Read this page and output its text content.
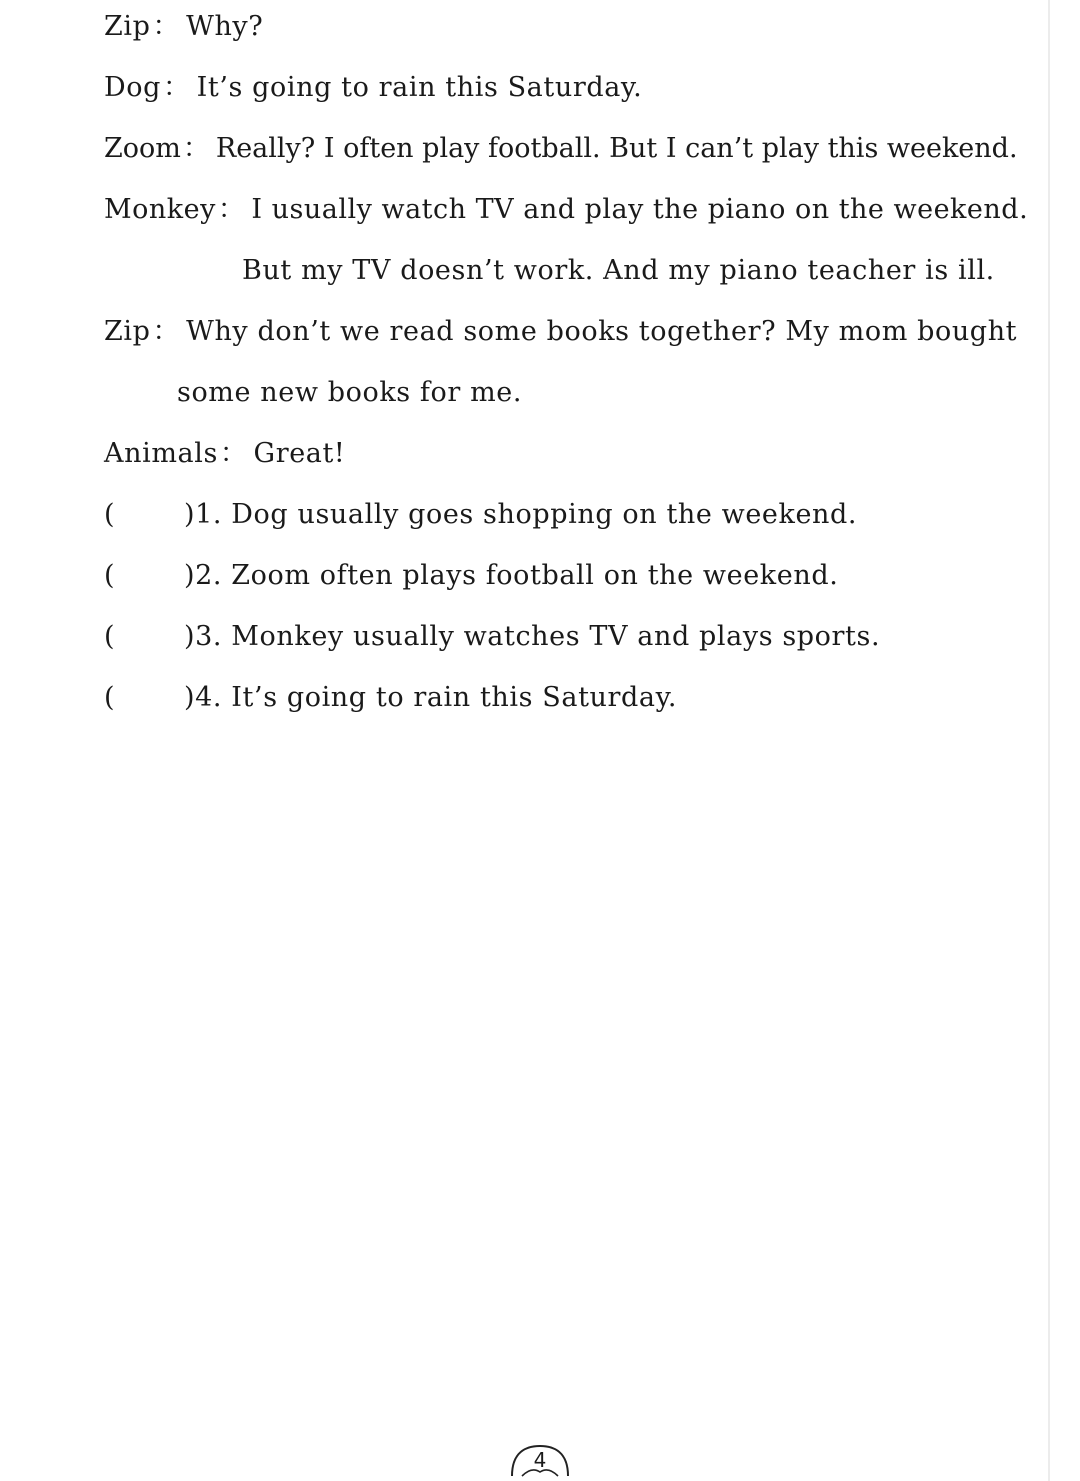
Zip： Why?
Dog： It’s going to rain this Saturday.
Zoom： Really? I often play football. But I can’t play this weekend.
Monkey： I usually watch TV and play the piano on the weekend.
But my TV doesn’t work. And my piano teacher is ill.
Zip： Why don’t we read some books together? My mom bought
some new books for me.
Animals： Great!
(	)1. Dog usually goes shopping on the weekend.
(	)2. Zoom often plays football on the weekend.
(	)3. Monkey usually watches TV and plays sports.
(	)4. It’s going to rain this Saturday.
4
